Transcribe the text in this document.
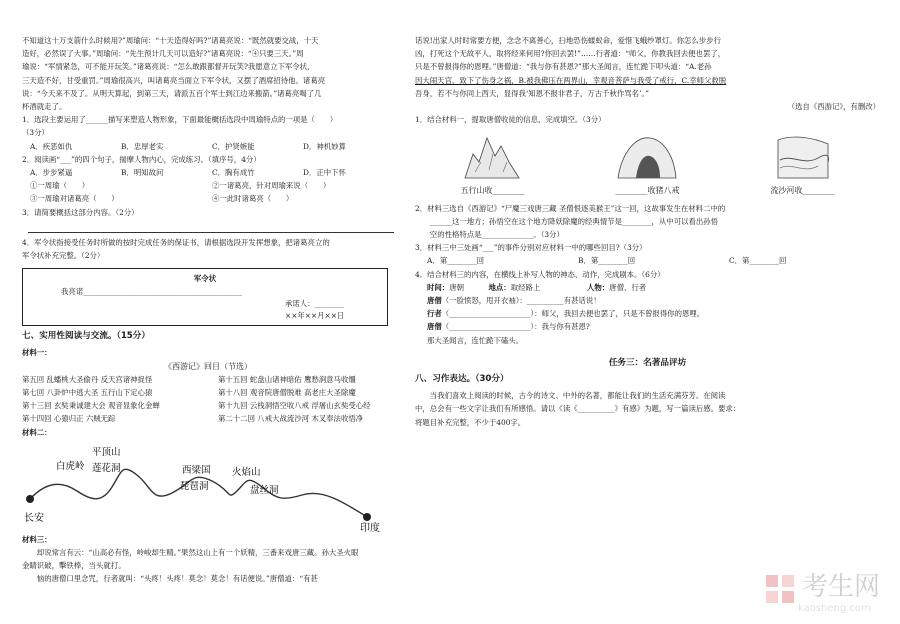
不知道这十万支箭什么时候用?”周瑜问：“十天造得好吗?”诸葛亮说：“既然就要交战，十天

造好，必然误了大事。”周瑜问：“先生预计几天可以造好?”诸葛亮说：“④只要三天。”周

瑜说：“军情紧急，可不能开玩笑。”诸葛亮说：“怎么敢跟都督开玩笑?我愿意立下军令状，

三天造不好，甘受重罚。”周瑜很高兴，叫诸葛亮当面立下军令状，又摆了酒席招待他。诸葛亮

说：“今天来不及了。从明天算起，到第三天，请派五百个军士到江边来搬箭。”诸葛亮喝了几

杯酒就走了。

1．选段主要运用了______描写来塑造人物形象，下面最能概括选段中周瑜特点的一项是（　　）

（3分）

A．疾恶如仇	B．忠厚老实	C．护贤嫉能	D．神机妙算

2．阅读画“___”的四个句子，揣摩人物内心，完成练习。（填序号，4分）

A．步步紧逼	B．明知故问	C．胸有成竹	D．正中下怀
①一周瑜（　　）	②一诸葛亮，针对周瑜来说（　　）
③一周瑜对诸葛亮（　　）	④一此时诸葛亮（　　）

3．请简要概括这部分内容。（2分）

4．军令状指接受任务时所做的按时完成任务的保证书，请根据选段开发挥想象，把诸葛亮立的

军令状补充完整。（2分）

军令状
我亮诺___________________________________________
承诺人：________
××年××月××日
七、实用性阅读与交流。（15分）

材料一：

《西游记》回目（节选）

第五回 乱蟠桃大圣偷丹 反天宫诸神捉怪	第十五回 蛇盘山诸神暗佑 鹰愁涧意马收缰
第七回 八卦炉中逃大圣 五行山下定心猿	第十八回 观音院唐僧脱难 高老庄大圣除魔
第十三回 玄奘秉诚建大会 观音显象化金蝉	第十九回 云栈洞悟空收八戒 浮屠山玄奘受心经
第十四回 心猿归正 六贼无踪	第二十二回 八戒大战流沙河 木叉奉法收悟净

材料二：

长安
白虎岭
平顶山
莲花洞	西梁国
琵琶洞
火焰山
盘丝洞
印度

材料三：

却说常言有云：“山高必有怪，岭峻却生精。”果然这山上有一个妖精，三番来戏唐三藏。孙大圣火眼

金睛识破，擊铁棒，当头就打。

恼的唐僧口里念咒，行者就叫：“头疼！头疼！莫念！莫念！有话便说。”唐僧道：“有甚

话说!出家人时时常要方便，念念不离善心，扫地恐伤蝼蚁命，爱惜飞蛾纱罩灯。你怎么步步行

凶，打死这个无故平人，取将经来何用?你回去罢!”……行者道：“师父，你教我回去便也罢了，

只是不曾报得你的恩哩。”唐僧道：“我与你有甚恩?”那大圣闻言，连忙跪下叩头道：“A.老孙

因大闹天宫，致下了伤身之祸，B.被我佛压在两界山，幸观音菩萨与我受了戒行，C.幸师父救脱

吾身，若不与你同上西天，显得我‘知恩不报非君子，万古千秋作骂名’。”

（选自《西游记》，有删改）

1．结合材料一，提取唐僧收徒的信息，完成填空。（3分）

五行山收________	________收猪八戒	流沙河收________

2．材料三选自《西游记》“尸魔三戏唐三藏 圣僧恨逐美猴王”这一回，这故事发生在材料二中的

______这一地方；孙悟空在这个地方降妖除魔的经典情节是________，从中可以看出孙悟

空的性格特点是______________。（3分）

3．材料三中三处画“___”的事件分别对应材料一中的哪些回目?（3分）

A．第________回	B．第________回	C．第________回

4．结合材料三的内容，在横线上补写人物的神态、动作，完成剧本。（6分）

时间：唐朝　　　	地点：取经路上　　　　　　	人物：唐僧、行者

唐僧（一脸愤怒，甩开衣袖）：__________有甚话说！

行者（______________________）：师父，我回去便也罢了，只是不曾报得你的恩哩。

唐僧（______________________）：我与你有甚恩?

那大圣闻言，连忙跪下磕头。

任务三：名著品评坊

八、习作表达。（30分）

当我们喜欢上阅读的时候，古今的诗文、中外的名著，都能让我们的生活充满芬芳。在阅读

中，总会有一些文字让我们有所感悟。请以《读《__________》有感》为题，写一篇读后感。要求：

将题目补充完整，不少于400字。

考生网
kaosheng.com
